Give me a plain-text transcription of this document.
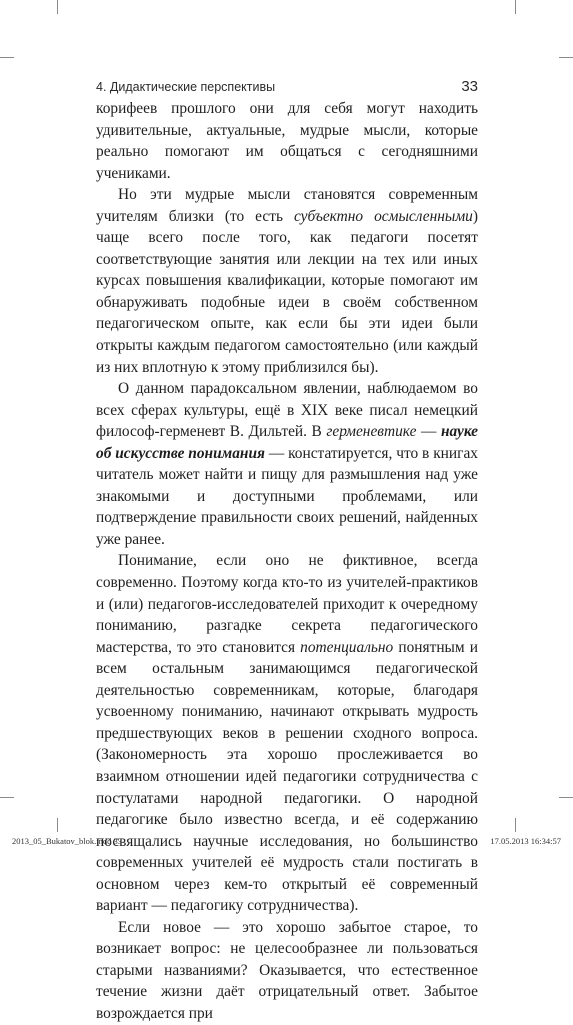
4. Дидактические перспективы	33

корифеев прошлого они для себя могут находить удивительные, актуальные, мудрые мысли, которые реально помогают им общаться с сегодняшними учениками.

Но эти мудрые мысли становятся современным учителям близки (то есть субъектно осмысленными) чаще всего после того, как педагоги посетят соответствующие занятия или лекции на тех или иных курсах повышения квалификации, которые помогают им обнаруживать подобные идеи в своём собственном педагогическом опыте, как если бы эти идеи были открыты каждым педагогом самостоятельно (или каждый из них вплотную к этому приблизился бы).

О данном парадоксальном явлении, наблюдаемом во всех сферах культуры, ещё в XIX веке писал немецкий философ-герменевт В. Дильтей. В герменевтике — науке об искусстве понимания — констатируется, что в книгах читатель может найти и пищу для размышления над уже знакомыми и доступными проблемами, или подтверждение правильности своих решений, найденных уже ранее.

Понимание, если оно не фиктивное, всегда современно. Поэтому когда кто-то из учителей-практиков и (или) педагогов-исследователей приходит к очередному пониманию, разгадке секрета педагогического мастерства, то это становится потенциально понятным и всем остальным занимающимся педагогической деятельностью современникам, которые, благодаря усвоенному пониманию, начинают открывать мудрость предшествующих веков в решении сходного вопроса. (Закономерность эта хорошо прослеживается во взаимном отношении идей педагогики сотрудничества с постулатами народной педагогики. О народной педагогике было известно всегда, и её содержанию посвящались научные исследования, но большинство современных учителей её мудрость стали постигать в основном через кем-то открытый её современный вариант — педагогику сотрудничества).

Если новое — это хорошо забытое старое, то возникает вопрос: не целесообразнее ли пользоваться старыми названиями? Оказывается, что естественное течение жизни даёт отрицательный ответ. Забытое возрождается при

2013_05_Bukatov_blok.indd 33	17.05.2013 16:34:57
